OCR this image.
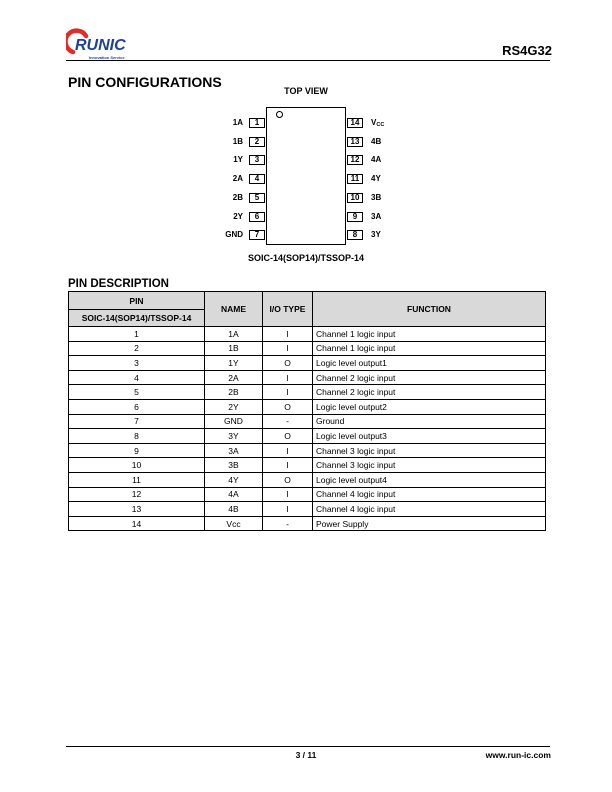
RUNIC
Innovation Service	RS4G32
PIN CONFIGURATIONS
TOP VIEW
1
1A
2
1B
3
1Y
4
2A
5
2B
6
2Y
7
GND
14	VCC
13	4B
12	4A
11	4Y
10	3B
9	3A
8	3Y
SOIC-14(SOP14)/TSSOP-14
PIN DESCRIPTION
PIN	NAME	I/O TYPE	FUNCTION
SOIC-14(SOP14)/TSSOP-14			
1	1A	I	Channel 1 logic input
2	1B	I	Channel 1 logic input
3	1Y	O	Logic level output1
4	2A	I	Channel 2 logic input
5	2B	I	Channel 2 logic input
6	2Y	O	Logic level output2
7	GND	-	Ground
8	3Y	O	Logic level output3
9	3A	I	Channel 3 logic input
10	3B	I	Channel 3 logic input
11	4Y	O	Logic level output4
12	4A	I	Channel 4 logic input
13	4B	I	Channel 4 logic input
14	Vcc	-	Power Supply
3 / 11	www.run-ic.com
